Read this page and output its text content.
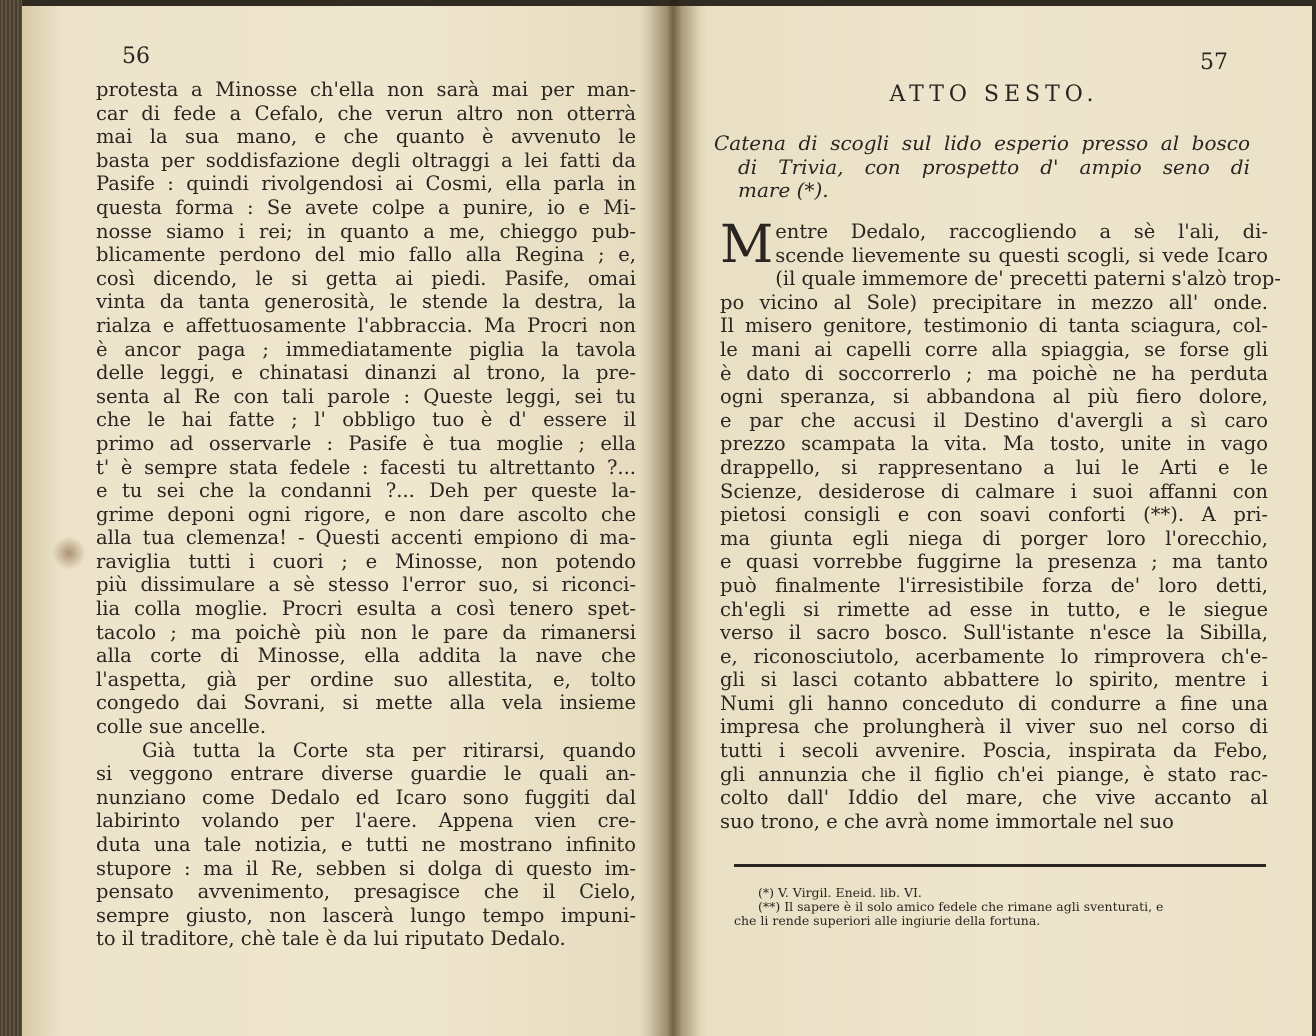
56
protesta a Minosse ch'ella non sarà mai per man-
car di fede a Cefalo, che verun altro non otterrà
mai la sua mano, e che quanto è avvenuto le
basta per soddisfazione degli oltraggi a lei fatti da
Pasife : quindi rivolgendosi ai Cosmi, ella parla in
questa forma : Se avete colpe a punire, io e Mi-
nosse siamo i rei; in quanto a me, chieggo pub-
blicamente perdono del mio fallo alla Regina ; e,
così dicendo, le si getta ai piedi. Pasife, omai
vinta da tanta generosità, le stende la destra, la
rialza e affettuosamente l'abbraccia. Ma Procri non
è ancor paga ; immediatamente piglia la tavola
delle leggi, e chinatasi dinanzi al trono, la pre-
senta al Re con tali parole : Queste leggi, sei tu
che le hai fatte ; l' obbligo tuo è d' essere il
primo ad osservarle : Pasife è tua moglie ; ella
t' è sempre stata fedele : facesti tu altrettanto ?...
e tu sei che la condanni ?... Deh per queste la-
grime deponi ogni rigore, e non dare ascolto che
alla tua clemenza! - Questi accenti empiono di ma-
raviglia tutti i cuori ; e Minosse, non potendo
più dissimulare a sè stesso l'error suo, si riconci-
lia colla moglie. Procri esulta a così tenero spet-
tacolo ; ma poichè più non le pare da rimanersi
alla corte di Minosse, ella addita la nave che
l'aspetta, già per ordine suo allestita, e, tolto
congedo dai Sovrani, si mette alla vela insieme
colle sue ancelle.
Già tutta la Corte sta per ritirarsi, quando
si veggono entrare diverse guardie le quali an-
nunziano come Dedalo ed Icaro sono fuggiti dal
labirinto volando per l'aere. Appena vien cre-
duta una tale notizia, e tutti ne mostrano infinito
stupore : ma il Re, sebben si dolga di questo im-
pensato avvenimento, presagisce che il Cielo,
sempre giusto, non lascerà lungo tempo impuni-
to il traditore, chè tale è da lui riputato Dedalo.
57
ATTO SESTO.
Catena di scogli sul lido esperio presso al bosco
di Trivia, con prospetto d' ampio seno di
mare (*).
M entre Dedalo, raccogliendo a sè l'ali, di-
scende lievemente su questi scogli, si vede Icaro
(il quale immemore de' precetti paterni s'alzò trop-
po vicino al Sole) precipitare in mezzo all' onde.
Il misero genitore, testimonio di tanta sciagura, col-
le mani ai capelli corre alla spiaggia, se forse gli
è dato di soccorrerlo ; ma poichè ne ha perduta
ogni speranza, si abbandona al più fiero dolore,
e par che accusi il Destino d'avergli a sì caro
prezzo scampata la vita. Ma tosto, unite in vago
drappello, si rappresentano a lui le Arti e le
Scienze, desiderose di calmare i suoi affanni con
pietosi consigli e con soavi conforti (**). A pri-
ma giunta egli niega di porger loro l'orecchio,
e quasi vorrebbe fuggirne la presenza ; ma tanto
può finalmente l'irresistibile forza de' loro detti,
ch'egli si rimette ad esse in tutto, e le siegue
verso il sacro bosco. Sull'istante n'esce la Sibilla,
e, riconosciutolo, acerbamente lo rimprovera ch'e-
gli si lasci cotanto abbattere lo spirito, mentre i
Numi gli hanno conceduto di condurre a fine una
impresa che prolungherà il viver suo nel corso di
tutti i secoli avvenire. Poscia, inspirata da Febo,
gli annunzia che il figlio ch'ei piange, è stato rac-
colto dall' Iddio del mare, che vive accanto al
suo trono, e che avrà nome immortale nel suo
(*) V. Virgil. Eneid. lib. VI.
(**) Il sapere è il solo amico fedele che rimane agli sventurati, e
che li rende superiori alle ingiurie della fortuna.
